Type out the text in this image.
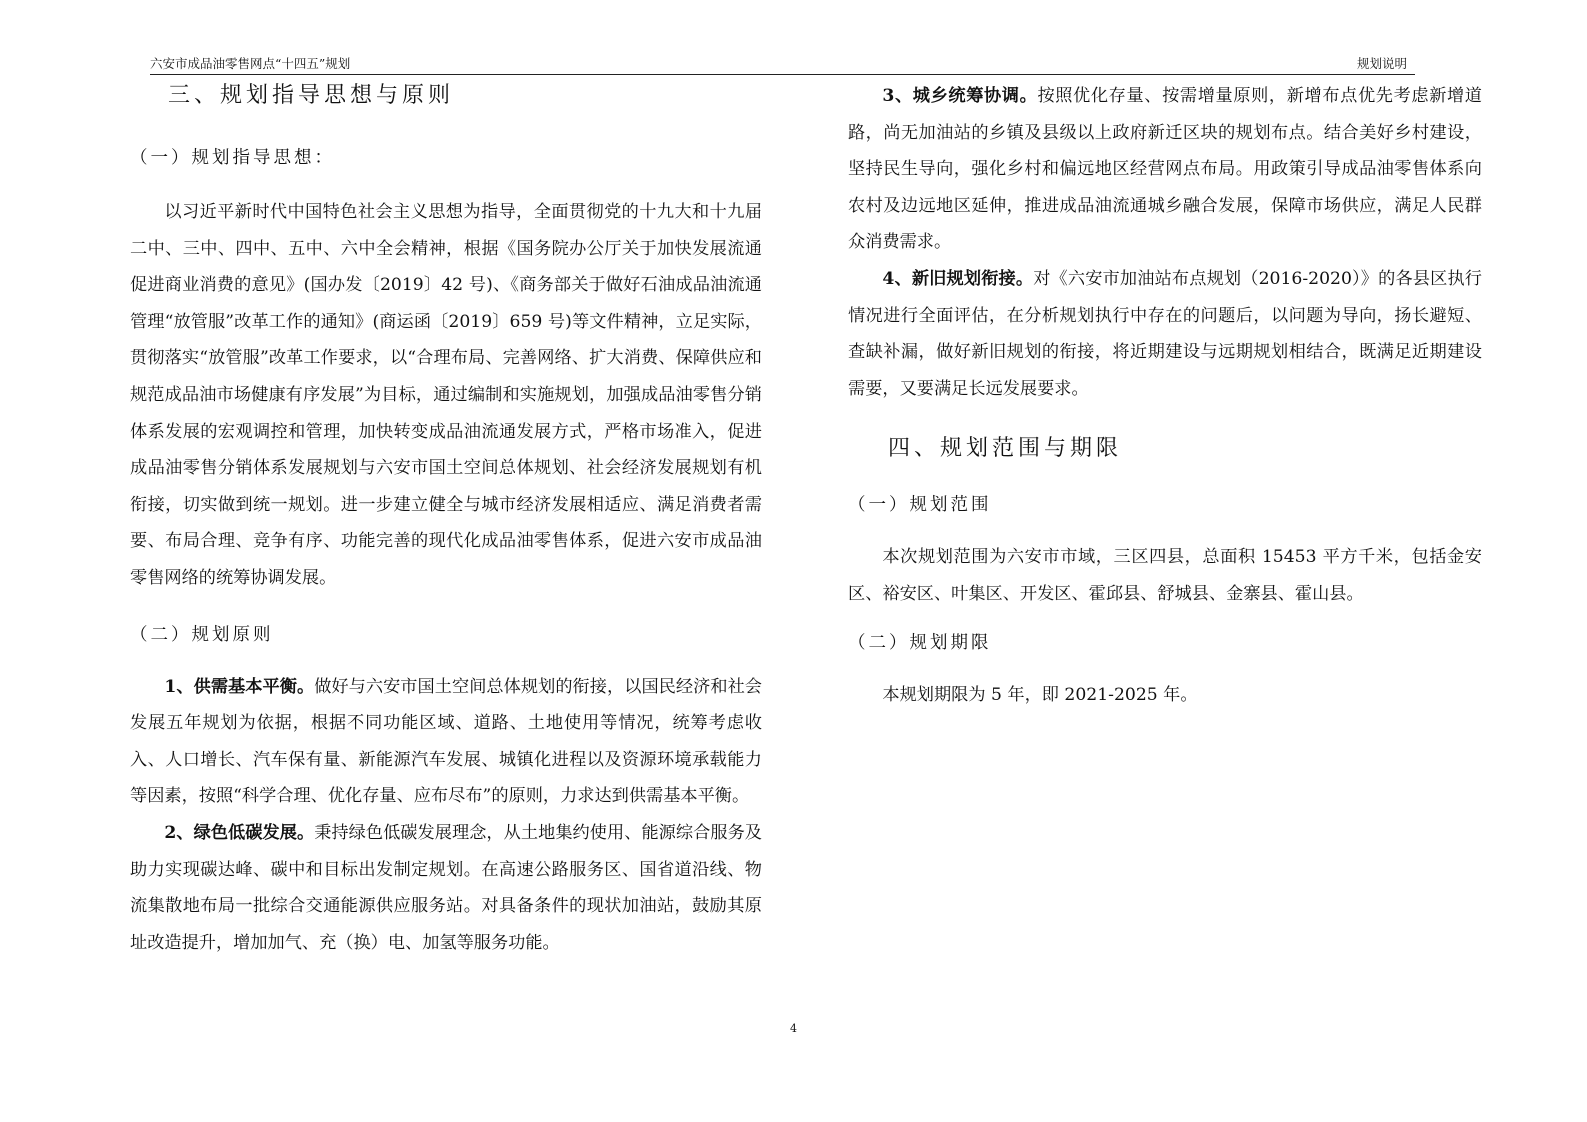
六安市成品油零售网点“十四五”规划	规划说明
三、规划指导思想与原则
（一）规划指导思想：

以习近平新时代中国特色社会主义思想为指导，全面贯彻党的十九大和十九届二中、三中、四中、五中、六中全会精神，根据《国务院办公厅关于加快发展流通促进商业消费的意见》(国办发〔2019〕42 号)、《商务部关于做好石油成品油流通管理“放管服”改革工作的通知》(商运函〔2019〕659 号)等文件精神，立足实际，贯彻落实“放管服”改革工作要求，以“合理布局、完善网络、扩大消费、保障供应和规范成品油市场健康有序发展”为目标，通过编制和实施规划，加强成品油零售分销体系发展的宏观调控和管理，加快转变成品油流通发展方式，严格市场准入，促进成品油零售分销体系发展规划与六安市国土空间总体规划、社会经济发展规划有机衔接，切实做到统一规划。进一步建立健全与城市经济发展相适应、满足消费者需要、布局合理、竞争有序、功能完善的现代化成品油零售体系，促进六安市成品油零售网络的统筹协调发展。

（二）规划原则

1、供需基本平衡。做好与六安市国土空间总体规划的衔接，以国民经济和社会发展五年规划为依据，根据不同功能区域、道路、土地使用等情况，统筹考虑收入、人口增长、汽车保有量、新能源汽车发展、城镇化进程以及资源环境承载能力等因素，按照“科学合理、优化存量、应布尽布”的原则，力求达到供需基本平衡。

2、绿色低碳发展。秉持绿色低碳发展理念，从土地集约使用、能源综合服务及助力实现碳达峰、碳中和目标出发制定规划。在高速公路服务区、国省道沿线、物流集散地布局一批综合交通能源供应服务站。对具备条件的现状加油站，鼓励其原址改造提升，增加加气、充（换）电、加氢等服务功能。

3、城乡统筹协调。按照优化存量、按需增量原则，新增布点优先考虑新增道路，尚无加油站的乡镇及县级以上政府新迁区块的规划布点。结合美好乡村建设，坚持民生导向，强化乡村和偏远地区经营网点布局。用政策引导成品油零售体系向农村及边远地区延伸，推进成品油流通城乡融合发展，保障市场供应，满足人民群众消费需求。

4、新旧规划衔接。对《六安市加油站布点规划（2016-2020）》的各县区执行情况进行全面评估，在分析规划执行中存在的问题后，以问题为导向，扬长避短、查缺补漏，做好新旧规划的衔接，将近期建设与远期规划相结合，既满足近期建设需要，又要满足长远发展要求。

四、规划范围与期限
（一）规划范围

本次规划范围为六安市市域，三区四县，总面积 15453 平方千米，包括金安区、裕安区、叶集区、开发区、霍邱县、舒城县、金寨县、霍山县。

（二）规划期限

本规划期限为 5 年，即 2021-2025 年。

4
